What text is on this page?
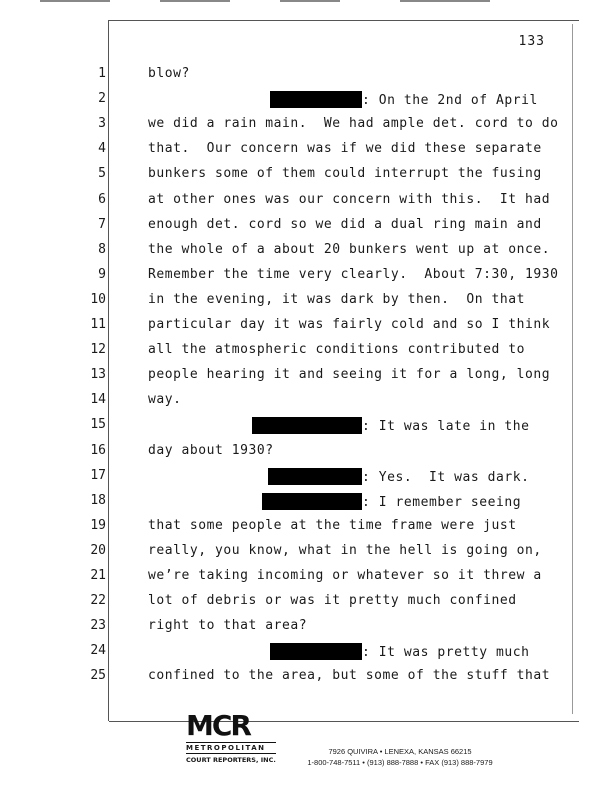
133
1	blow?
2	: On the 2nd of April
3	we did a rain main.  We had ample det. cord to do
4	that.  Our concern was if we did these separate
5	bunkers some of them could interrupt the fusing
6	at other ones was our concern with this.  It had
7	enough det. cord so we did a dual ring main and
8	the whole of a about 20 bunkers went up at once.
9	Remember the time very clearly.  About 7:30, 1930
10	in the evening, it was dark by then.  On that
11	particular day it was fairly cold and so I think
12	all the atmospheric conditions contributed to
13	people hearing it and seeing it for a long, long
14	way.
15	: It was late in the
16	day about 1930?
17	: Yes.  It was dark.
18	: I remember seeing
19	that some people at the time frame were just
20	really, you know, what in the hell is going on,
21	we’re taking incoming or whatever so it threw a
22	lot of debris or was it pretty much confined
23	right to that area?
24	: It was pretty much
25	confined to the area, but some of the stuff that
MCR
METROPOLITAN
COURT REPORTERS, INC.
7926 QUIVIRA • LENEXA, KANSAS 66215
1-800-748-7511 • (913) 888-7888 • FAX (913) 888-7979
